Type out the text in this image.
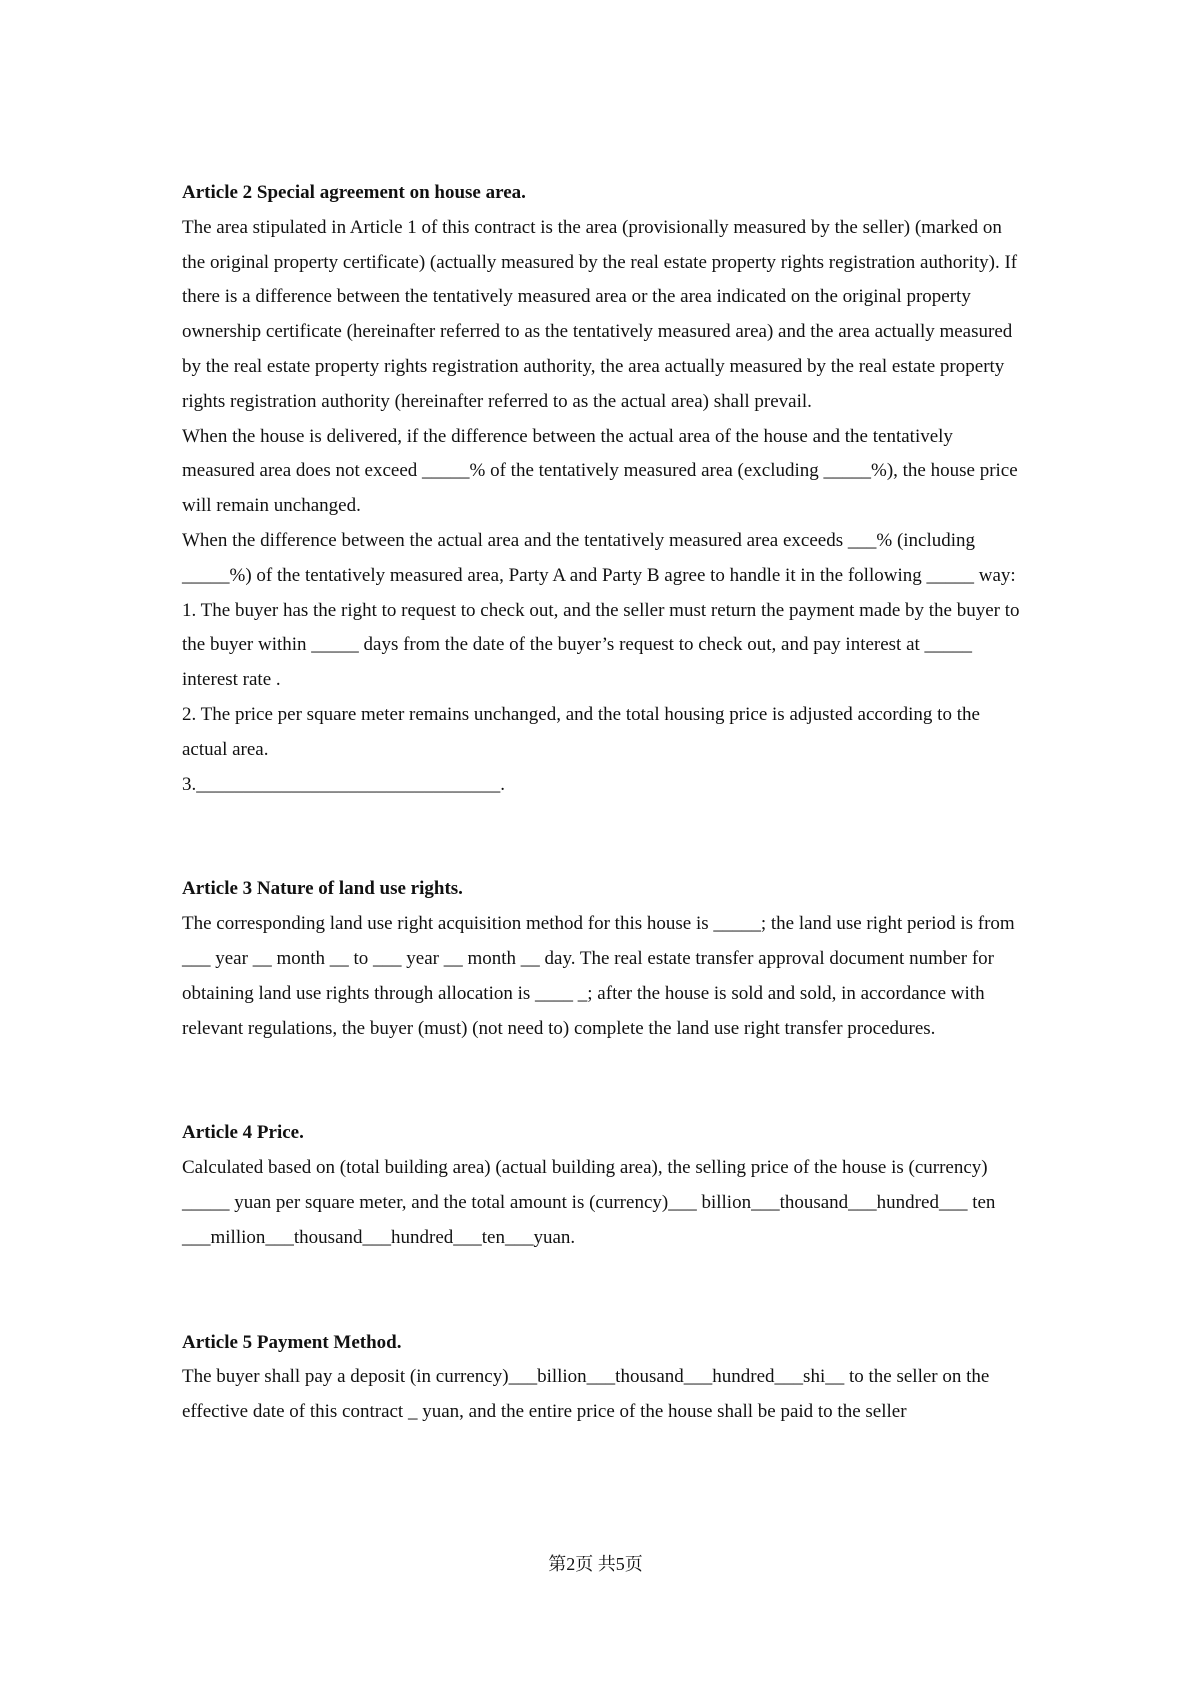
Article 2 Special agreement on house area.

The area stipulated in Article 1 of this contract is the area (provisionally measured by the seller) (marked on the original property certificate) (actually measured by the real estate property rights registration authority). If there is a difference between the tentatively measured area or the area indicated on the original property ownership certificate (hereinafter referred to as the tentatively measured area) and the area actually measured by the real estate property rights registration authority, the area actually measured by the real estate property rights registration authority (hereinafter referred to as the actual area) shall prevail.

When the house is delivered, if the difference between the actual area of the house and the tentatively measured area does not exceed _____% of the tentatively measured area (excluding _____%), the house price will remain unchanged.

When the difference between the actual area and the tentatively measured area exceeds ___% (including _____%) of the tentatively measured area, Party A and Party B agree to handle it in the following _____ way:

1. The buyer has the right to request to check out, and the seller must return the payment made by the buyer to the buyer within _____ days from the date of the buyer’s request to check out, and pay interest at _____ interest rate .

2. The price per square meter remains unchanged, and the total housing price is adjusted according to the actual area.

3.________________________________.

Article 3 Nature of land use rights.

The corresponding land use right acquisition method for this house is _____; the land use right period is from ___ year __ month __ to ___ year __ month __ day. The real estate transfer approval document number for obtaining land use rights through allocation is ____ _; after the house is sold and sold, in accordance with relevant regulations, the buyer (must) (not need to) complete the land use right transfer procedures.

Article 4 Price.

Calculated based on (total building area) (actual building area), the selling price of the house is (currency) _____ yuan per square meter, and the total amount is (currency)___ billion___thousand___hundred___ ten ___million___thousand___hundred___ten___yuan.

Article 5 Payment Method.

The buyer shall pay a deposit (in currency)___billion___thousand___hundred___shi__ to the seller on the effective date of this contract _ yuan, and the entire price of the house shall be paid to the seller

第2页 共5页
